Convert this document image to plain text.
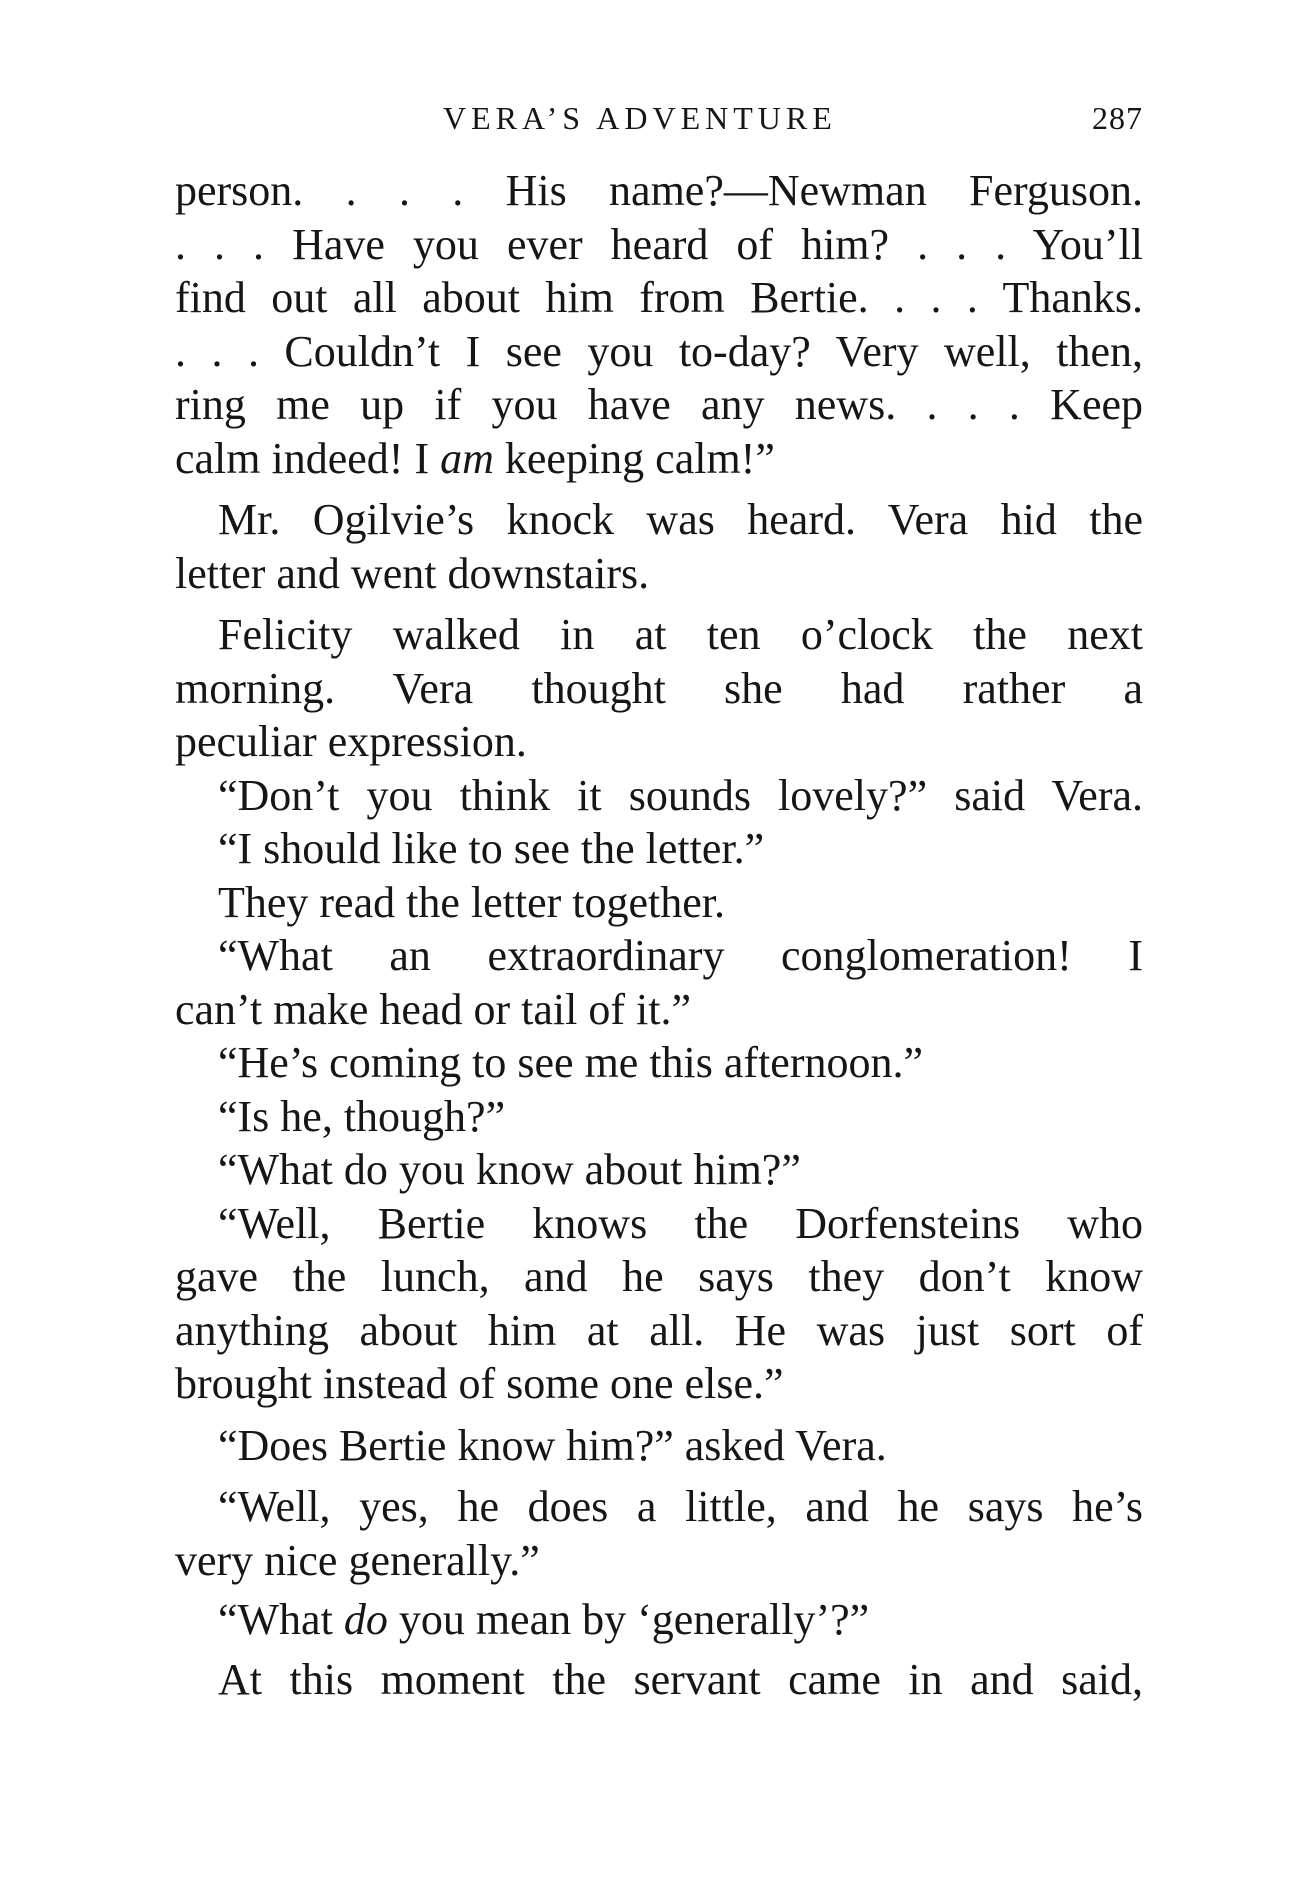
VERA’S ADVENTURE	287
person. . . . His name?—Newman Ferguson.
. . . Have you ever heard of him? . . . You’ll
find out all about him from Bertie. . . . Thanks.
. . . Couldn’t I see you to-day? Very well, then,
ring me up if you have any news. . . . Keep
calm indeed! I am keeping calm!”
Mr. Ogilvie’s knock was heard. Vera hid the
letter and went downstairs.
Felicity walked in at ten o’clock the next
morning. Vera thought she had rather a
peculiar expression.
“Don’t you think it sounds lovely?” said Vera.
“I should like to see the letter.”
They read the letter together.
“What an extraordinary conglomeration! I
can’t make head or tail of it.”
“He’s coming to see me this afternoon.”
“Is he, though?”
“What do you know about him?”
“Well, Bertie knows the Dorfensteins who
gave the lunch, and he says they don’t know
anything about him at all. He was just sort of
brought instead of some one else.”
“Does Bertie know him?” asked Vera.
“Well, yes, he does a little, and he says he’s
very nice generally.”
“What do you mean by ‘generally’?”
At this moment the servant came in and said,
